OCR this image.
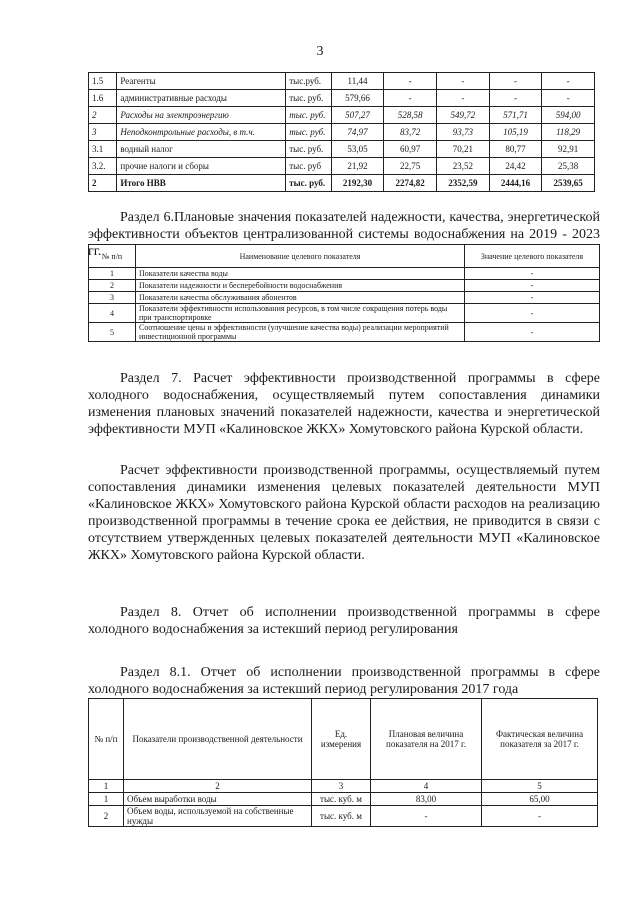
3
1.5	Реагенты	тыс.руб.	11,44	-	-	-	-
1.6	административные расходы	тыс. руб.	579,66	-	-	-	-
2	Расходы на электроэнергию	тыс. руб.	507,27	528,58	549,72	571,71	594,00
3	Неподконтрольные расходы, в т.ч.	тыс. руб.	74,97	83,72	93,73	105,19	118,29
3.1	водный налог	тыс. руб.	53,05	60,97	70,21	80,77	92,91
3.2.	прочие налоги и сборы	тыс. руб	21,92	22,75	23,52	24,42	25,38
2	Итого НВВ	тыс. руб.	2192,30	2274,82	2352,59	2444,16	2539,65
Раздел 6.Плановые значения показателей надежности, качества, энергетической эффективности объектов централизованной системы водоснабжения на 2019 - 2023 гг. № п/п	Наименование целевого показателя	Значение целевого показателя
1	Показатели качества воды	-
2	Показатели надежности и бесперебойности водоснабжения	-
3	Показатели качества обслуживания абонентов	-
4	Показатели эффективности использования ресурсов, в том числе сокращения потерь воды при транспортировке	-
5	Соотношение цены и эффективности (улучшение качества воды) реализации мероприятий инвестиционной программы	-
Раздел 7. Расчет эффективности производственной программы в сфере холодного водоснабжения, осуществляемый путем сопоставления динамики изменения плановых значений показателей надежности, качества и энергетической эффективности МУП «Калиновское ЖКХ» Хомутовского района Курской области.
Расчет эффективности производственной программы, осуществляемый путем сопоставления динамики изменения целевых показателей деятельности МУП «Калиновское ЖКХ» Хомутовского района Курской области расходов на реализацию производственной программы в течение срока ее действия, не приводится в связи с отсутствием утвержденных целевых показателей деятельности МУП «Калиновское ЖКХ» Хомутовского района Курской области.
Раздел 8. Отчет об исполнении производственной программы в сфере холодного водоснабжения за истекший период регулирования
Раздел 8.1. Отчет об исполнении производственной программы в сфере холодного водоснабжения за истекший период регулирования 2017 года
№ п/п	Показатели производственной деятельности	Ед. измерения	Плановая величина показателя на 2017 г.	Фактическая величина показателя за 2017 г.
1	2	3	4	5
1	Объем выработки воды	тыс. куб. м	83,00	65,00
2	Объем воды, используемой на собственные нужды	тыс. куб. м	-	-
